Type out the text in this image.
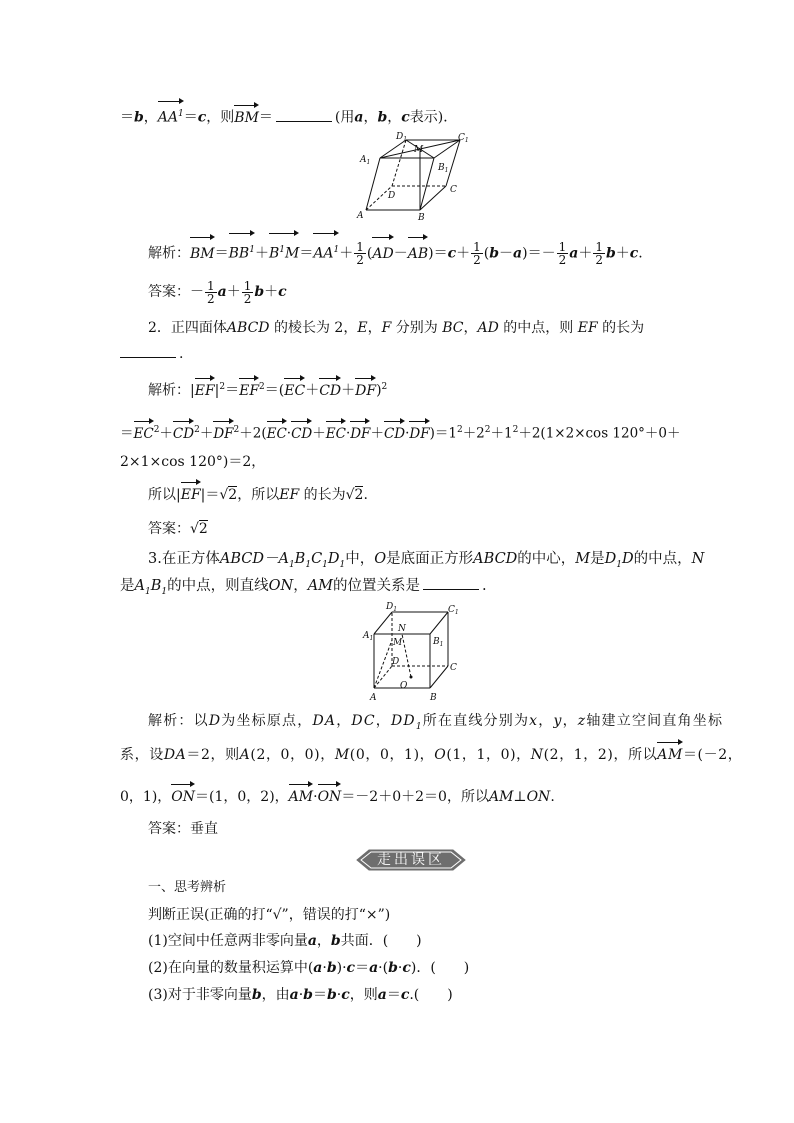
＝b，$AA^1=c$，则BM＝	(用a，b，c表示)．
$D_1$	$C_1$
$A_1$
M
$B_1$
C
D
A	B
解析：$BM=BB^1+B^1M=AA^1+ \frac{1}{2} (AD-AB)=c+ \frac{1}{2} (b-a)=- \frac{1}{2} a+ \frac{1}{2} b+c$.
答案：－ $\frac{1}{2} a+ \frac{1}{2} b+c$
2．正四面体ABCD 的棱长为 2，E，F 分别为 BC，AD 的中点，则 EF 的长为
.
解析：$|EF|^2=EF^2=(EC+CD+DF)^2$
$=EC^2+CD^2+DF^2+2(EC\cdot CD+EC\cdot DF+CD\cdot DF)=1^2+2^2+1^2+2(1\times 2\times\cos$ 120°＋0＋
2×1×cos 120°)＝2，
所以|EF|＝√2，所以EF 的长为√2.
答案：√2
3.在正方体$ABCD-A_1B_1C_1D_1$中，O是底面正方形ABCD的中心，M是$D_1D$的中点，N
是$A_1B_1$的中点，则直线ON，AM的位置关系是	.
$D_1$	$C_1$
$A_1$
N
$B_1$
M
D
C
O
A	B
解析：以D为坐标原点，DA，DC，$DD_1$所在直线分别为x，y，z轴建立空间直角坐标
系，设DA＝2，则A(2，0，0)，M(0，0，1)，O(1，1，0)，N(2，1，2)，所以AM＝(－2，
0，1)，ON＝(1，0，2)，AM·ON＝－2＋0＋2＝0，所以AM⊥ON.
答案：垂直
走出误区
一、思考辨析
判断正误(正确的打“√”，错误的打“×”)
(1)空间中任意两非零向量a，b共面．(　　)
(2)在向量的数量积运算中(a·b)·c＝a·(b·c)．(　　)
(3)对于非零向量b，由a·b＝b·c，则a＝c.(　　)
